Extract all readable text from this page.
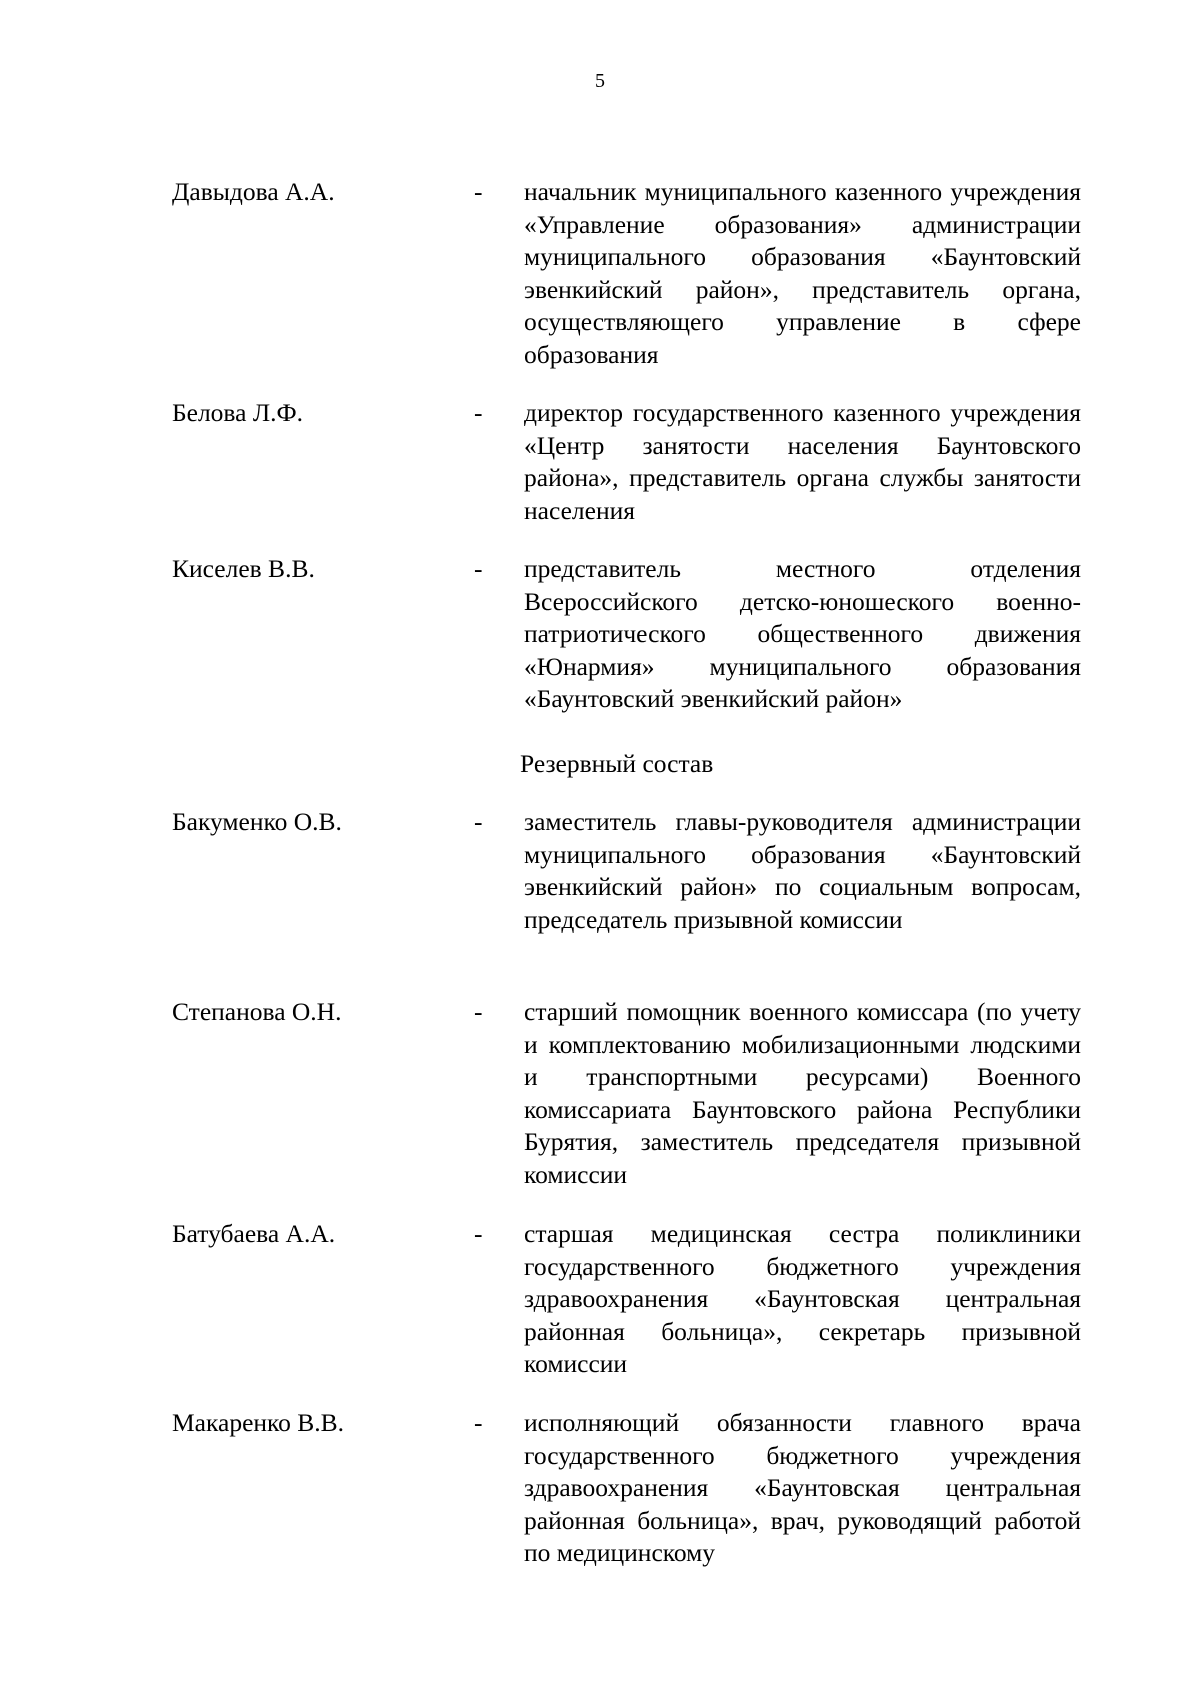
5
Давыдова А.А.	- начальник муниципального казенного учреждения «Управление образования» администрации муниципального образования «Баунтовский эвенкийский район», представитель органа, осуществляющего управление в сфере образования
Белова Л.Ф.	- директор государственного казенного учреждения «Центр занятости населения Баунтовского района», представитель органа службы занятости населения
Киселев В.В.	- представитель местного отделения Всероссийского детско-юношеского военно-патриотического общественного движения «Юнармия» муниципального образования «Баунтовский эвенкийский район»
Резервный состав
Бакуменко О.В.	- заместитель главы-руководителя администрации муниципального образования «Баунтовский эвенкийский район» по социальным вопросам, председатель призывной комиссии
Степанова О.Н.	- старший помощник военного комиссара (по учету и комплектованию мобилизационными людскими и транспортными ресурсами) Военного комиссариата Баунтовского района Республики Бурятия, заместитель председателя призывной комиссии
Батубаева А.А.	- старшая медицинская сестра поликлиники государственного бюджетного учреждения здравоохранения «Баунтовская центральная районная больница», секретарь призывной комиссии
Макаренко В.В.	- исполняющий обязанности главного врача государственного бюджетного учреждения здравоохранения «Баунтовская центральная районная больница», врач, руководящий работой по медицинскому
